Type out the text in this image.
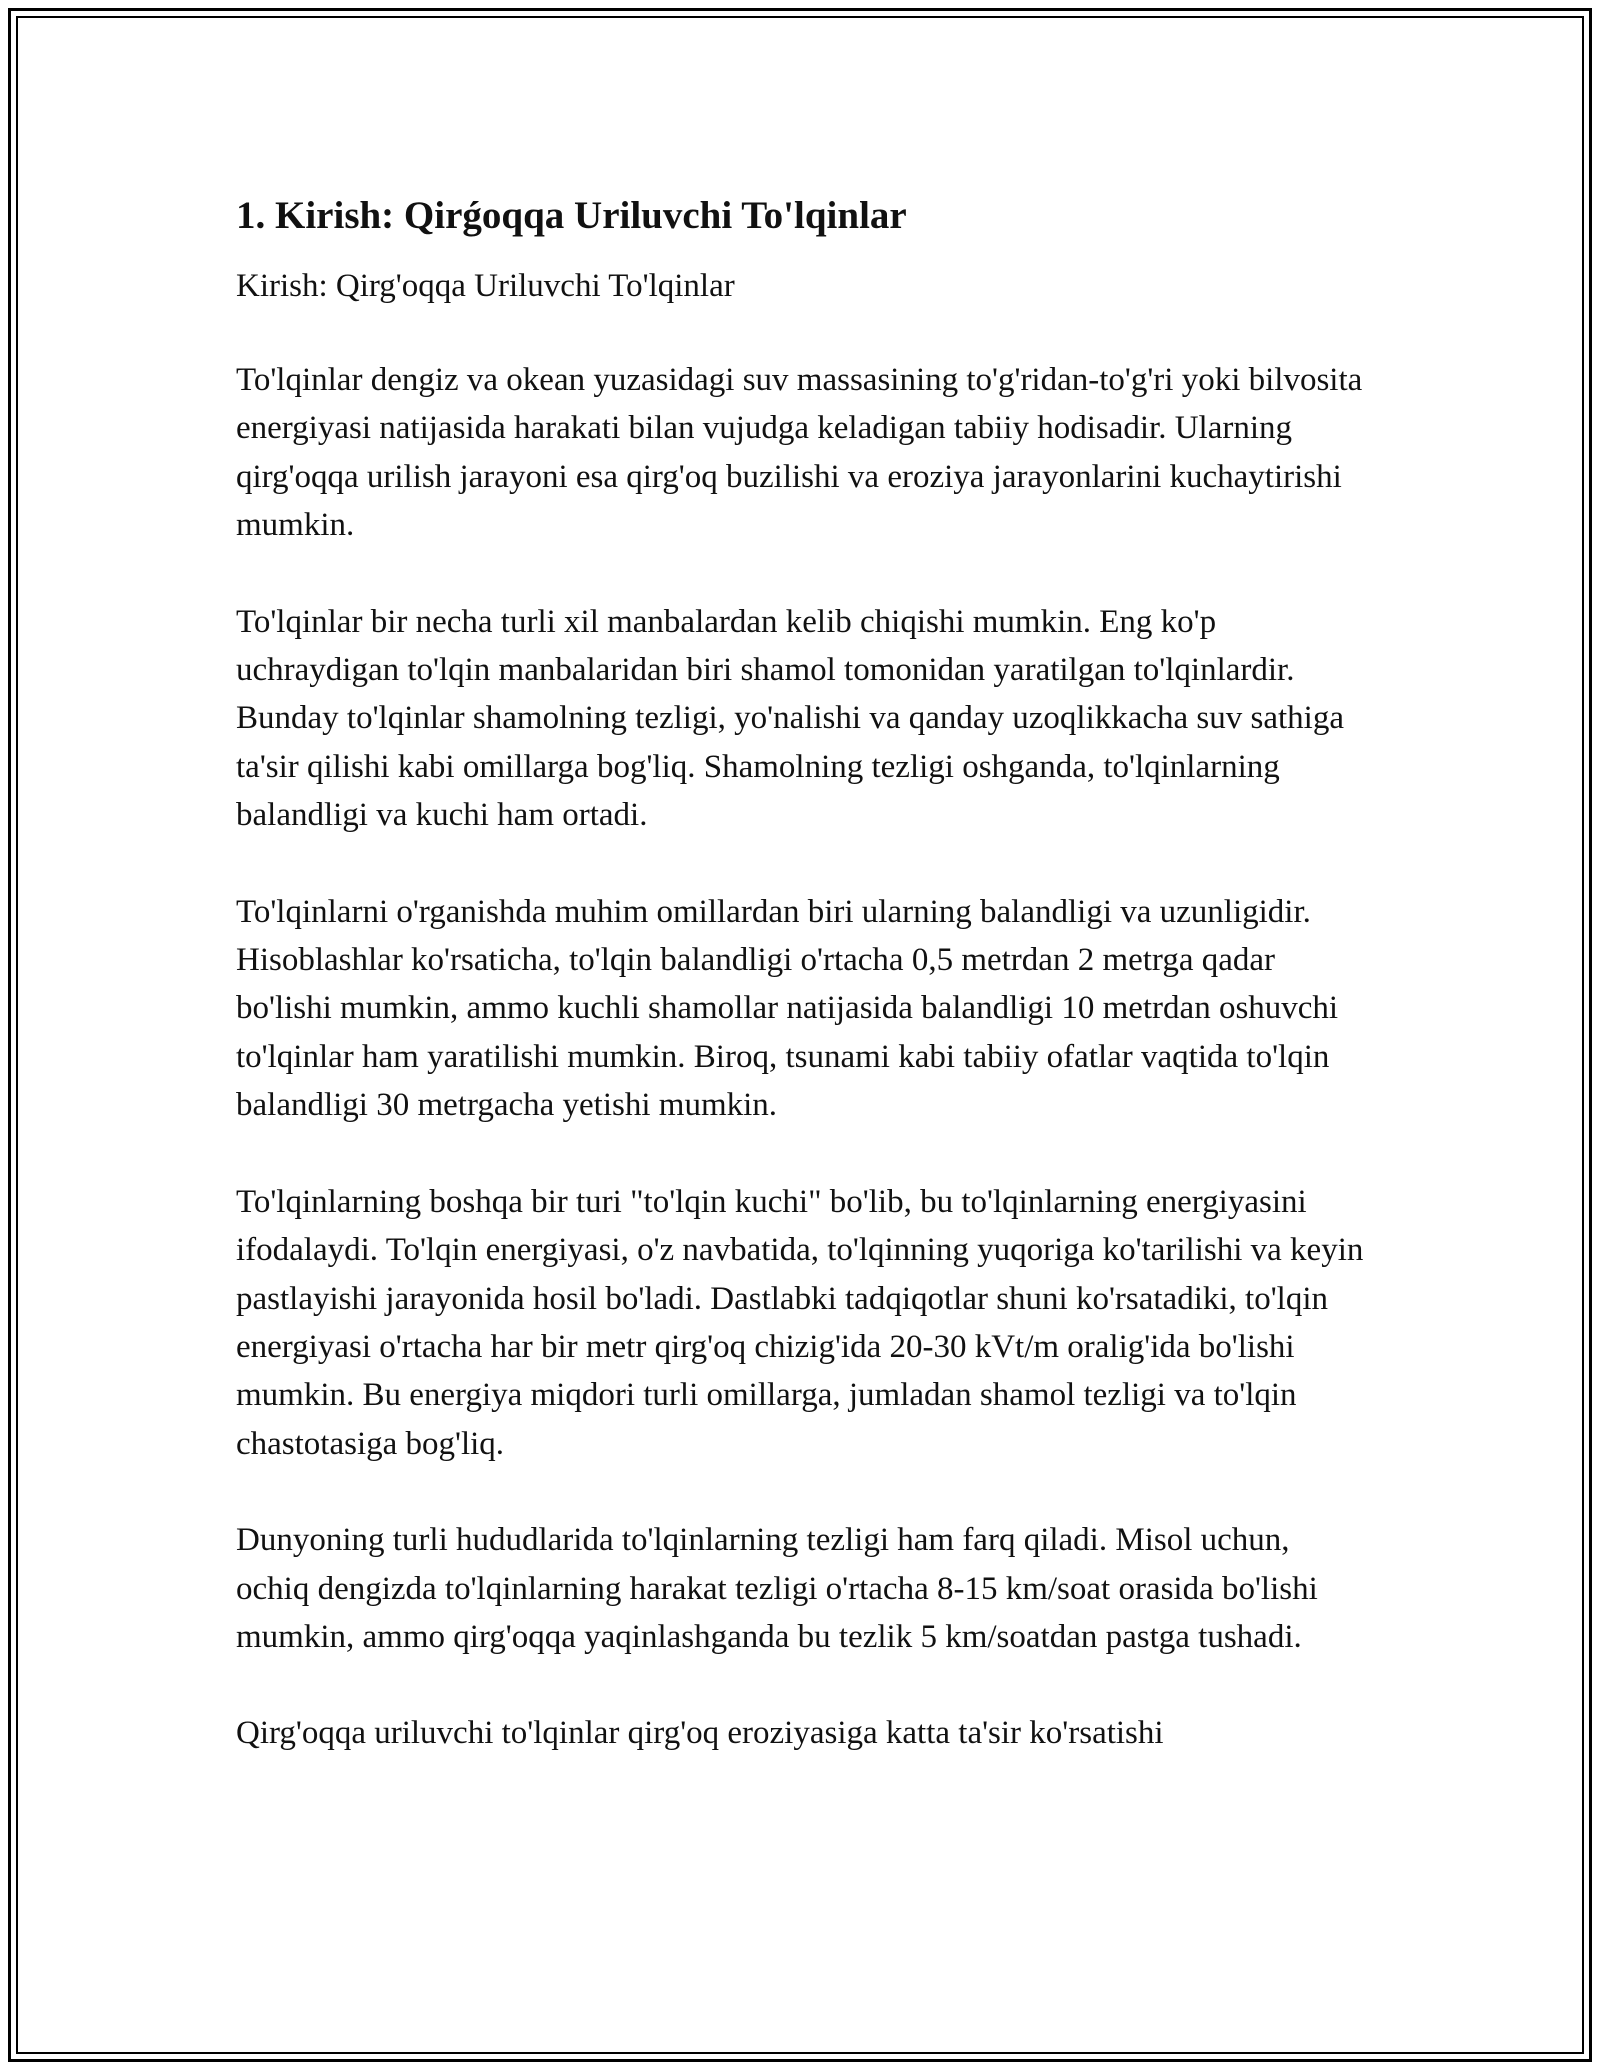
1. Kirish: Qirǵoqqa Uriluvchi To'lqinlar

Kirish: Qirg'oqqa Uriluvchi To'lqinlar

To'lqinlar dengiz va okean yuzasidagi suv massasining to'g'ridan-to'g'ri yoki bilvosita energiyasi natijasida harakati bilan vujudga keladigan tabiiy hodisadir. Ularning qirg'oqqa urilish jarayoni esa qirg'oq buzilishi va eroziya jarayonlarini kuchaytirishi mumkin.

To'lqinlar bir necha turli xil manbalardan kelib chiqishi mumkin. Eng ko'p uchraydigan to'lqin manbalaridan biri shamol tomonidan yaratilgan to'lqinlardir. Bunday to'lqinlar shamolning tezligi, yo'nalishi va qanday uzoqlikkacha suv sathiga ta'sir qilishi kabi omillarga bog'liq. Shamolning tezligi oshganda, to'lqinlarning balandligi va kuchi ham ortadi.

To'lqinlarni o'rganishda muhim omillardan biri ularning balandligi va uzunligidir. Hisoblashlar ko'rsaticha, to'lqin balandligi o'rtacha 0,5 metrdan 2 metrga qadar bo'lishi mumkin, ammo kuchli shamollar natijasida balandligi 10 metrdan oshuvchi to'lqinlar ham yaratilishi mumkin. Biroq, tsunami kabi tabiiy ofatlar vaqtida to'lqin balandligi 30 metrgacha yetishi mumkin.

To'lqinlarning boshqa bir turi "to'lqin kuchi" bo'lib, bu to'lqinlarning energiyasini ifodalaydi. To'lqin energiyasi, o'z navbatida, to'lqinning yuqoriga ko'tarilishi va keyin pastlayishi jarayonida hosil bo'ladi. Dastlabki tadqiqotlar shuni ko'rsatadiki, to'lqin energiyasi o'rtacha har bir metr qirg'oq chizig'ida 20-30 kVt/m oralig'ida bo'lishi mumkin. Bu energiya miqdori turli omillarga, jumladan shamol tezligi va to'lqin chastotasiga bog'liq.

Dunyoning turli hududlarida to'lqinlarning tezligi ham farq qiladi. Misol uchun, ochiq dengizda to'lqinlarning harakat tezligi o'rtacha 8-15 km/soat orasida bo'lishi mumkin, ammo qirg'oqqa yaqinlashganda bu tezlik 5 km/soatdan pastga tushadi.

Qirg'oqqa uriluvchi to'lqinlar qirg'oq eroziyasiga katta ta'sir ko'rsatishi
